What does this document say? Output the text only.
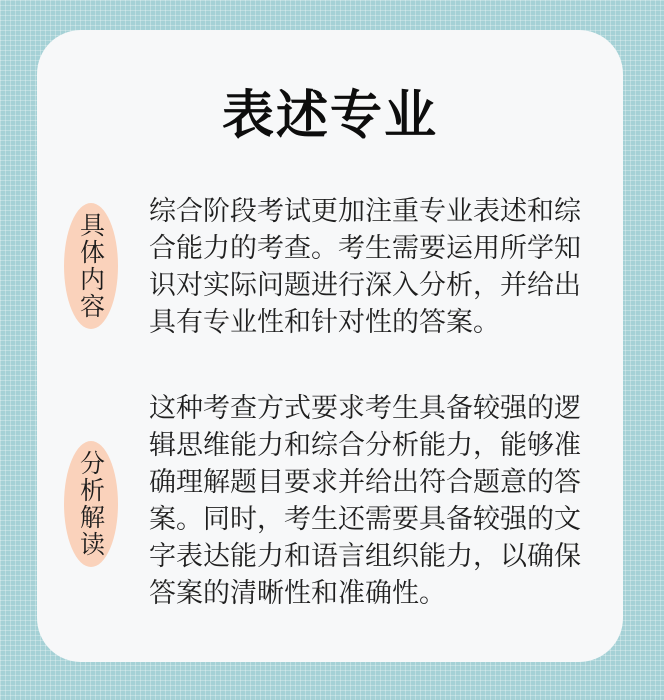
表述专业
具体内容
综合阶段考试更加注重专业表述和综
合能力的考查。考生需要运用所学知
识对实际问题进行深入分析，并给出
具有专业性和针对性的答案。
分析解读
这种考查方式要求考生具备较强的逻
辑思维能力和综合分析能力，能够准
确理解题目要求并给出符合题意的答
案。同时，考生还需要具备较强的文
字表达能力和语言组织能力，以确保
答案的清晰性和准确性。
